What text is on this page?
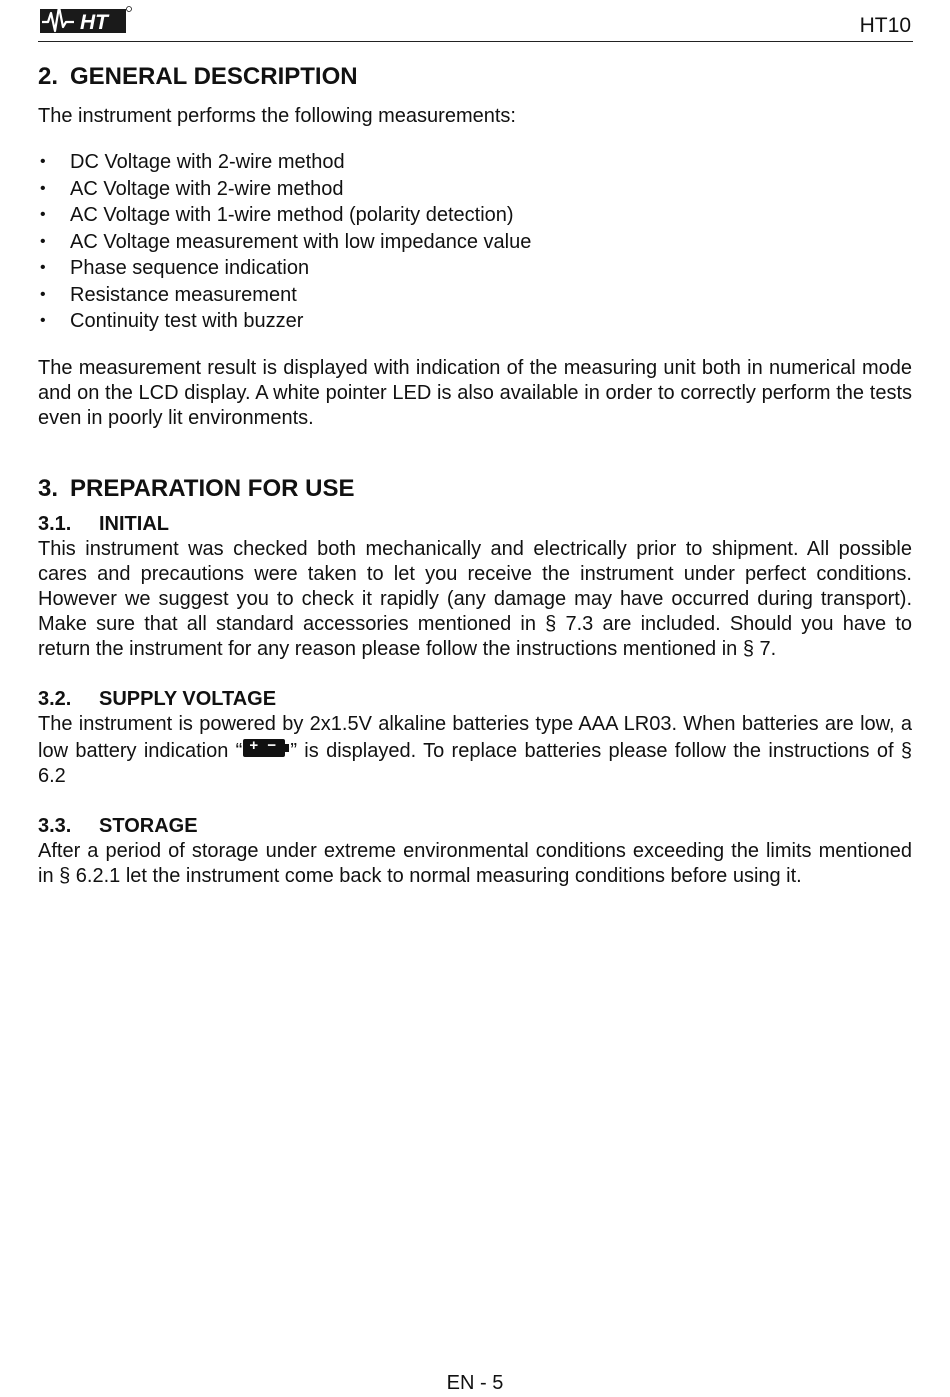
HT	HT10
2. GENERAL DESCRIPTION

The instrument performs the following measurements:

• DC Voltage with 2-wire method
• AC Voltage with 2-wire method
• AC Voltage with 1-wire method (polarity detection)
• AC Voltage measurement with low impedance value
• Phase sequence indication
• Resistance measurement
• Continuity test with buzzer

The measurement result is displayed with indication of the measuring unit both in numerical mode and on the LCD display. A white pointer LED is also available in order to correctly perform the tests even in poorly lit environments.

3. PREPARATION FOR USE
3.1.	INITIAL

This instrument was checked both mechanically and electrically prior to shipment. All possible cares and precautions were taken to let you receive the instrument under perfect conditions. However we suggest you to check it rapidly (any damage may have occurred during transport). Make sure that all standard accessories mentioned in § 7.3 are included. Should you have to return the instrument for any reason please follow the instructions mentioned in § 7.

3.2.	SUPPLY VOLTAGE

The instrument is powered by 2x1.5V alkaline batteries type AAA LR03. When batteries are low, a low battery indication “ + − ” is displayed. To replace batteries please follow the instructions of § 6.2

3.3.	STORAGE

After a period of storage under extreme environmental conditions exceeding the limits mentioned in § 6.2.1 let the instrument come back to normal measuring conditions before using it.

EN - 5
